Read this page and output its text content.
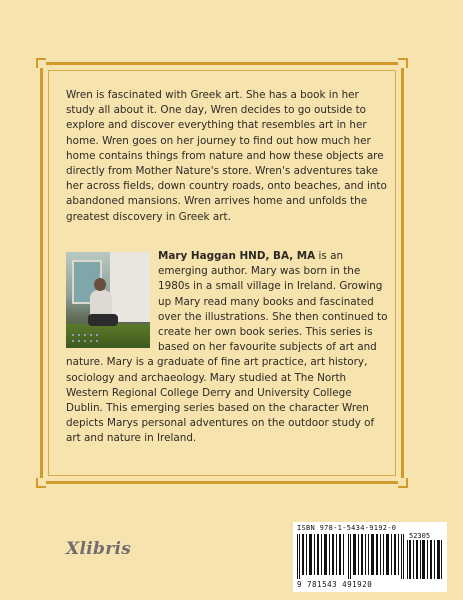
Wren is fascinated with Greek art. She has a book in her study all about it. One day, Wren decides to go outside to explore and discover everything that resembles art in her home. Wren goes on her journey to find out how much her home contains things from nature and how these objects are directly from Mother Nature's store. Wren's adventures take her across fields, down country roads, onto beaches, and into abandoned mansions. Wren arrives home and unfolds the greatest discovery in Greek art.

Mary Haggan HND, BA, MA is an emerging author. Mary was born in the 1980s in a small village in Ireland. Growing up Mary read many books and fascinated over the illustrations. She then continued to create her own book series. This series is based on her favourite subjects of art and nature. Mary is a graduate of fine art practice, art history, sociology and archaeology. Mary studied at The North Western Regional College Derry and University College Dublin. This emerging series based on the character Wren depicts Marys personal adventures on the outdoor study of art and nature in Ireland.

Xlibris
ISBN 978-1-5434-9192-0
52305
9 781543 491920
